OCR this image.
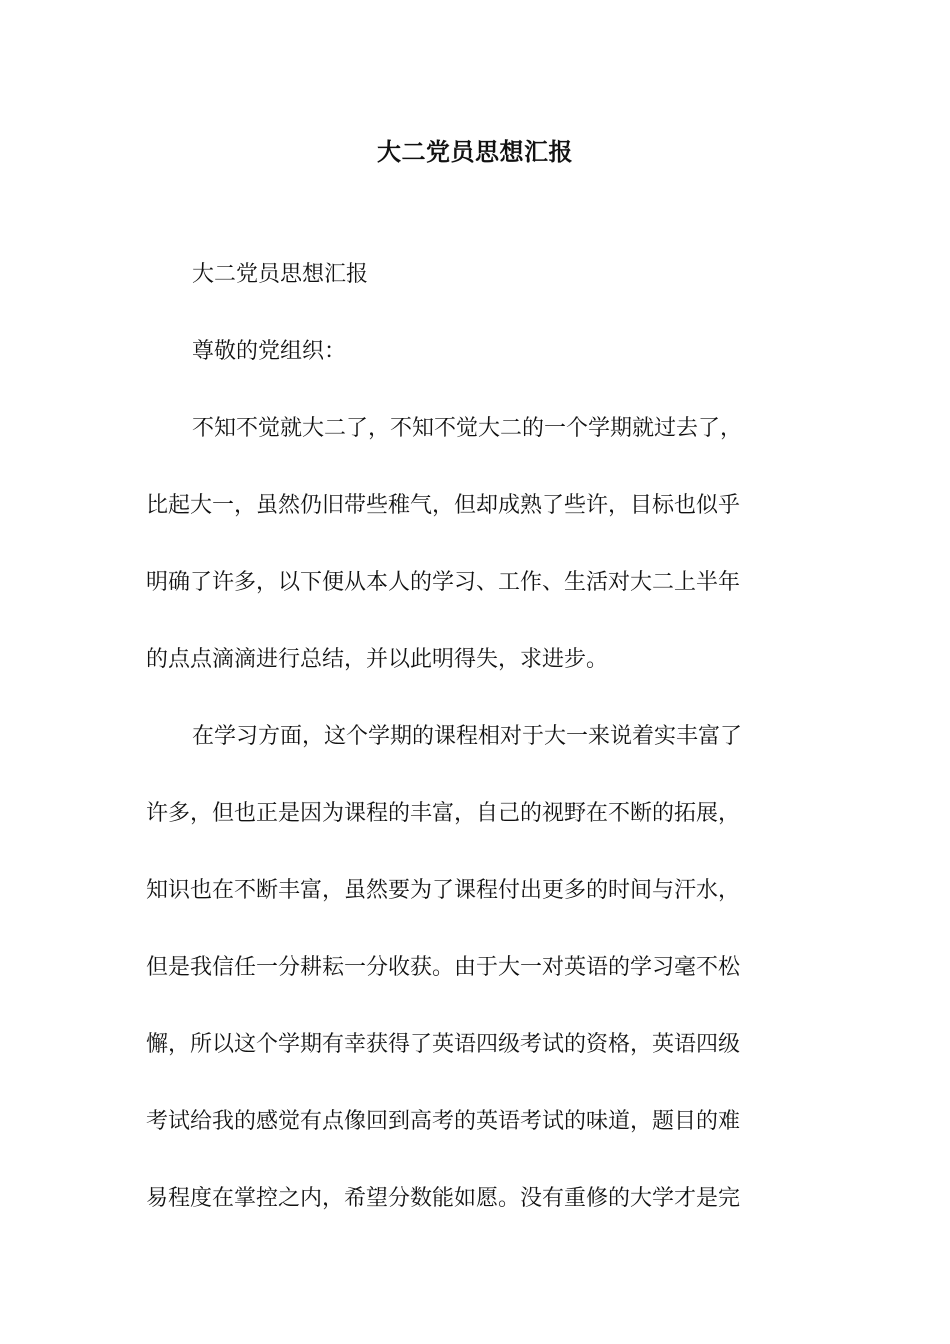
大二党员思想汇报
大二党员思想汇报
尊敬的党组织：
不知不觉就大二了，不知不觉大二的一个学期就过去了，
比起大一，虽然仍旧带些稚气，但却成熟了些许，目标也似乎
明确了许多，以下便从本人的学习、工作、生活对大二上半年
的点点滴滴进行总结，并以此明得失，求进步。
在学习方面，这个学期的课程相对于大一来说着实丰富了
许多，但也正是因为课程的丰富，自己的视野在不断的拓展，
知识也在不断丰富，虽然要为了课程付出更多的时间与汗水，
但是我信任一分耕耘一分收获。由于大一对英语的学习毫不松
懈，所以这个学期有幸获得了英语四级考试的资格，英语四级
考试给我的感觉有点像回到高考的英语考试的味道，题目的难
易程度在掌控之内，希望分数能如愿。没有重修的大学才是完
